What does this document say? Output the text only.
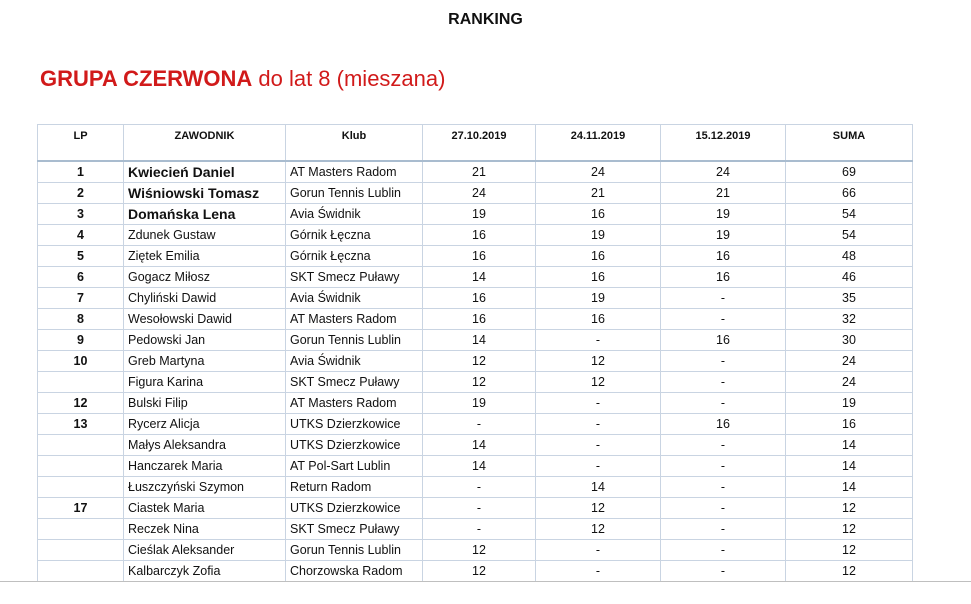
RANKING
GRUPA CZERWONA do lat 8 (mieszana)
LP	ZAWODNIK	Klub	27.10.2019	24.11.2019	15.12.2019	SUMA
1	Kwiecień Daniel	AT Masters Radom	21	24	24	69
2	Wiśniowski Tomasz	Gorun Tennis Lublin	24	21	21	66
3	Domańska Lena	Avia Świdnik	19	16	19	54
4	Zdunek Gustaw	Górnik Łęczna	16	19	19	54
5	Ziętek Emilia	Górnik Łęczna	16	16	16	48
6	Gogacz Miłosz	SKT Smecz Puławy	14	16	16	46
7	Chyliński Dawid	Avia Świdnik	16	19	-	35
8	Wesołowski Dawid	AT Masters Radom	16	16	-	32
9	Pedowski Jan	Gorun Tennis Lublin	14	-	16	30
10	Greb Martyna	Avia Świdnik	12	12	-	24
	Figura Karina	SKT Smecz Puławy	12	12	-	24
12	Bulski Filip	AT Masters Radom	19	-	-	19
13	Rycerz Alicja	UTKS Dzierzkowice	-	-	16	16
	Małys Aleksandra	UTKS Dzierzkowice	14	-	-	14
	Hanczarek Maria	AT Pol-Sart Lublin	14	-	-	14
	Łuszczyński Szymon	Return Radom	-	14	-	14
17	Ciastek Maria	UTKS Dzierzkowice	-	12	-	12
	Reczek Nina	SKT Smecz Puławy	-	12	-	12
	Cieślak Aleksander	Gorun Tennis Lublin	12	-	-	12
	Kalbarczyk Zofia	Chorzowska Radom	12	-	-	12
